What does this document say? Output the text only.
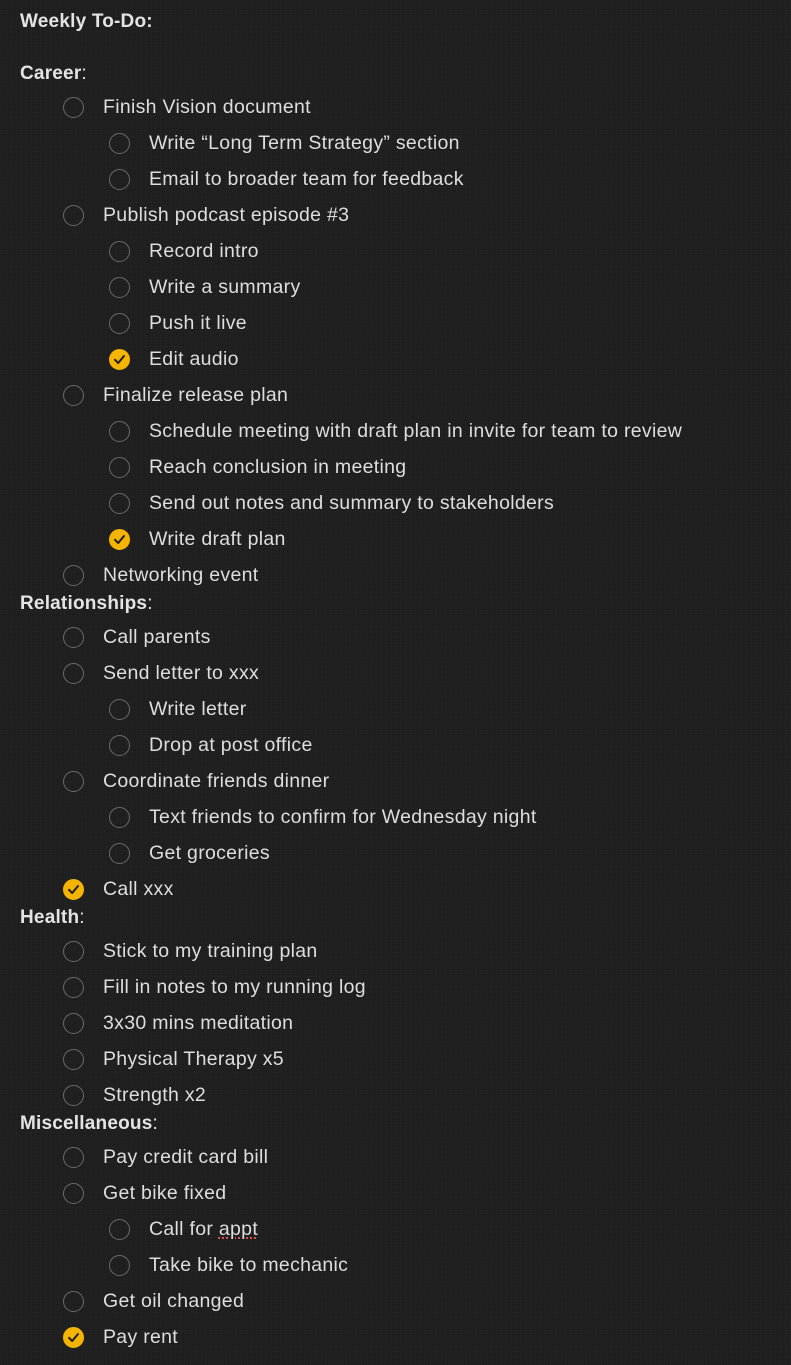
Weekly To-Do:
Career:
Finish Vision document
Write “Long Term Strategy” section
Email to broader team for feedback
Publish podcast episode #3
Record intro
Write a summary
Push it live
Edit audio
Finalize release plan
Schedule meeting with draft plan in invite for team to review
Reach conclusion in meeting
Send out notes and summary to stakeholders
Write draft plan
Networking event
Relationships:
Call parents
Send letter to xxx
Write letter
Drop at post office
Coordinate friends dinner
Text friends to confirm for Wednesday night
Get groceries
Call xxx
Health:
Stick to my training plan
Fill in notes to my running log
3x30 mins meditation
Physical Therapy x5
Strength x2
Miscellaneous:
Pay credit card bill
Get bike fixed
Call for appt
Take bike to mechanic
Get oil changed
Pay rent
